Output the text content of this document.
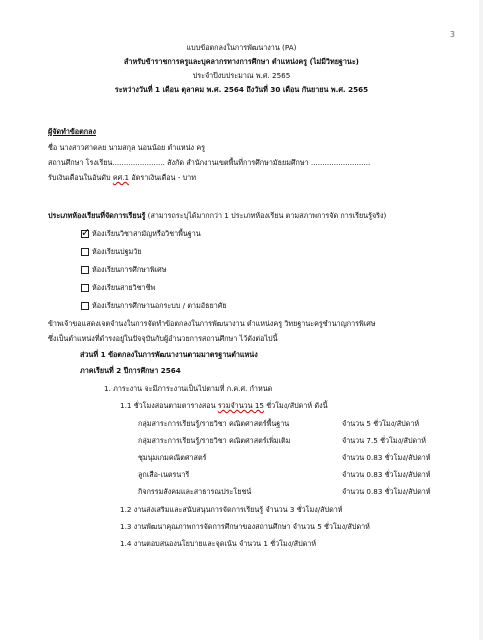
3
แบบข้อตกลงในการพัฒนางาน (PA)
สำหรับข้าราชการครูและบุคลากรทางการศึกษา ตำแหน่งครู (ไม่มีวิทยฐานะ)
ประจำปีงบประมาณ พ.ศ. 2565
ระหว่างวันที่ 1 เดือน ตุลาคม พ.ศ. 2564 ถึงวันที่ 30 เดือน กันยายน พ.ศ. 2565
ผู้จัดทำข้อตกลง
ชื่อ นางสาวศาดลย นามสกุล นอนน้อย ตำแหน่ง ครู
สถานศึกษา โรงเรียน....................... สังกัด สำนักงานเขตพื้นที่การศึกษามัธยมศึกษา ..........................
รับเงินเดือนในอันดับ คศ.1 อัตราเงินเดือน - บาท
ประเภทห้องเรียนที่จัดการเรียนรู้ (สามารถระบุได้มากกว่า 1 ประเภทห้องเรียน ตามสภาพการจัด การเรียนรู้จริง)
✓ ห้องเรียนวิชาสามัญหรือวิชาพื้นฐาน
ห้องเรียนปฐมวัย
ห้องเรียนการศึกษาพิเศษ
ห้องเรียนสายวิชาชีพ
ห้องเรียนการศึกษานอกระบบ / ตามอัธยาศัย
ข้าพเจ้าขอแสดงเจตจำนงในการจัดทำข้อตกลงในการพัฒนางาน ตำแหน่งครู วิทยฐานะครูชำนาญการพิเศษ
ซึ่งเป็นตำแหน่งที่ดำรงอยู่ในปัจจุบันกับผู้อำนวยการสถานศึกษา ไว้ดังต่อไปนี้
ส่วนที่ 1 ข้อตกลงในการพัฒนางานตามมาตรฐานตำแหน่ง
ภาคเรียนที่ 2 ปีการศึกษา 2564
1. ภาระงาน จะมีภาระงานเป็นไปตามที่ ก.ค.ศ. กำหนด
1.1 ชั่วโมงสอนตามตารางสอน รวมจำนวน 15 ชั่วโมง/สัปดาห์ ดังนี้
กลุ่มสาระการเรียนรู้/รายวิชา คณิตศาสตร์พื้นฐาน	จำนวน 5 ชั่วโมง/สัปดาห์
กลุ่มสาระการเรียนรู้/รายวิชา คณิตศาสตร์เพิ่มเติม	จำนวน 7.5 ชั่วโมง/สัปดาห์
ชุมนุมเกมคณิตศาสตร์	จำนวน 0.83 ชั่วโมง/สัปดาห์
ลูกเสือ-เนตรนารี	จำนวน 0.83 ชั่วโมง/สัปดาห์
กิจกรรมสังคมและสาธารณประโยชน์	จำนวน 0.83 ชั่วโมง/สัปดาห์
1.2 งานส่งเสริมและสนับสนุนการจัดการเรียนรู้ จำนวน 3 ชั่วโมง/สัปดาห์
1.3 งานพัฒนาคุณภาพการจัดการศึกษาของสถานศึกษา จำนวน 5 ชั่วโมง/สัปดาห์
1.4 งานตอบสนองนโยบายและจุดเน้น จำนวน 1 ชั่วโมง/สัปดาห์
